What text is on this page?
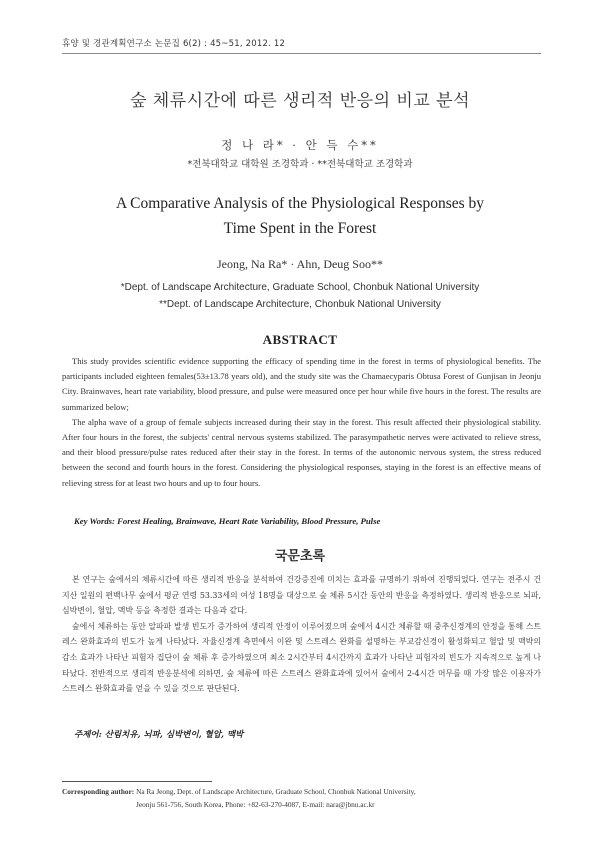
휴양 및 경관계획연구소 논문집 6(2) : 45~51, 2012. 12
숲 체류시간에 따른 생리적 반응의 비교 분석
정 나 라* · 안 득 수**
*전북대학교 대학원 조경학과 · **전북대학교 조경학과
A Comparative Analysis of the Physiological Responses by
Time Spent in the Forest
Jeong, Na Ra* · Ahn, Deug Soo**
*Dept. of Landscape Architecture, Graduate School, Chonbuk National University
**Dept. of Landscape Architecture, Chonbuk National University
ABSTRACT

This study provides scientific evidence supporting the efficacy of spending time in the forest in terms of physiological benefits. The participants included eighteen females(53±13.78 years old), and the study site was the Chamaecyparis Obtusa Forest of Gunjisan in Jeonju City. Brainwaves, heart rate variability, blood pressure, and pulse were measured once per hour while five hours in the forest. The results are summarized below;

The alpha wave of a group of female subjects increased during their stay in the forest. This result affected their physiological stability. After four hours in the forest, the subjects' central nervous systems stabilized. The parasympathetic nerves were activated to relieve stress, and their blood pressure/pulse rates reduced after their stay in the forest. In terms of the autonomic nervous system, the stress reduced between the second and fourth hours in the forest. Considering the physiological responses, staying in the forest is an effective means of relieving stress for at least two hours and up to four hours.

Key Words: Forest Healing, Brainwave, Heart Rate Variability, Blood Pressure, Pulse
국문초록

본 연구는 숲에서의 체류시간에 따른 생리적 반응을 분석하여 건강증진에 미치는 효과를 규명하기 위하여 진행되었다. 연구는 전주시 건지산 일원의 편백나무 숲에서 평균 연령 53.33세의 여성 18명을 대상으로 숲 체류 5시간 동안의 반응을 측정하였다. 생리적 반응으로 뇌파, 심박변이, 혈압, 맥박 등을 측정한 결과는 다음과 같다.

숲에서 체류하는 동안 알파파 발생 빈도가 증가하여 생리적 안정이 이루어졌으며 숲에서 4시간 체류할 때 중추신경계의 안정을 통해 스트레스 완화효과의 빈도가 높게 나타났다. 자율신경계 측면에서 이완 및 스트레스 완화를 설명하는 부교감신경이 활성화되고 혈압 및 맥박의 감소 효과가 나타난 피험자 집단이 숲 체류 후 증가하였으며 최소 2시간부터 4시간까지 효과가 나타난 피험자의 빈도가 지속적으로 높게 나타났다. 전반적으로 생리적 반응분석에 의하면, 숲 체류에 따른 스트레스 완화효과에 있어서 숲에서 2-4시간 머무를 때 가장 많은 이용자가 스트레스 완화효과를 얻을 수 있을 것으로 판단된다.

주제어: 산림치유, 뇌파, 심박변이, 혈압, 맥박
Corresponding author: Na Ra Jeong, Dept. of Landscape Architecture, Graduate School, Chonbuk National University,
Jeonju 561-756, South Korea, Phone: +82-63-270-4087, E-mail: nara@jbnu.ac.kr
